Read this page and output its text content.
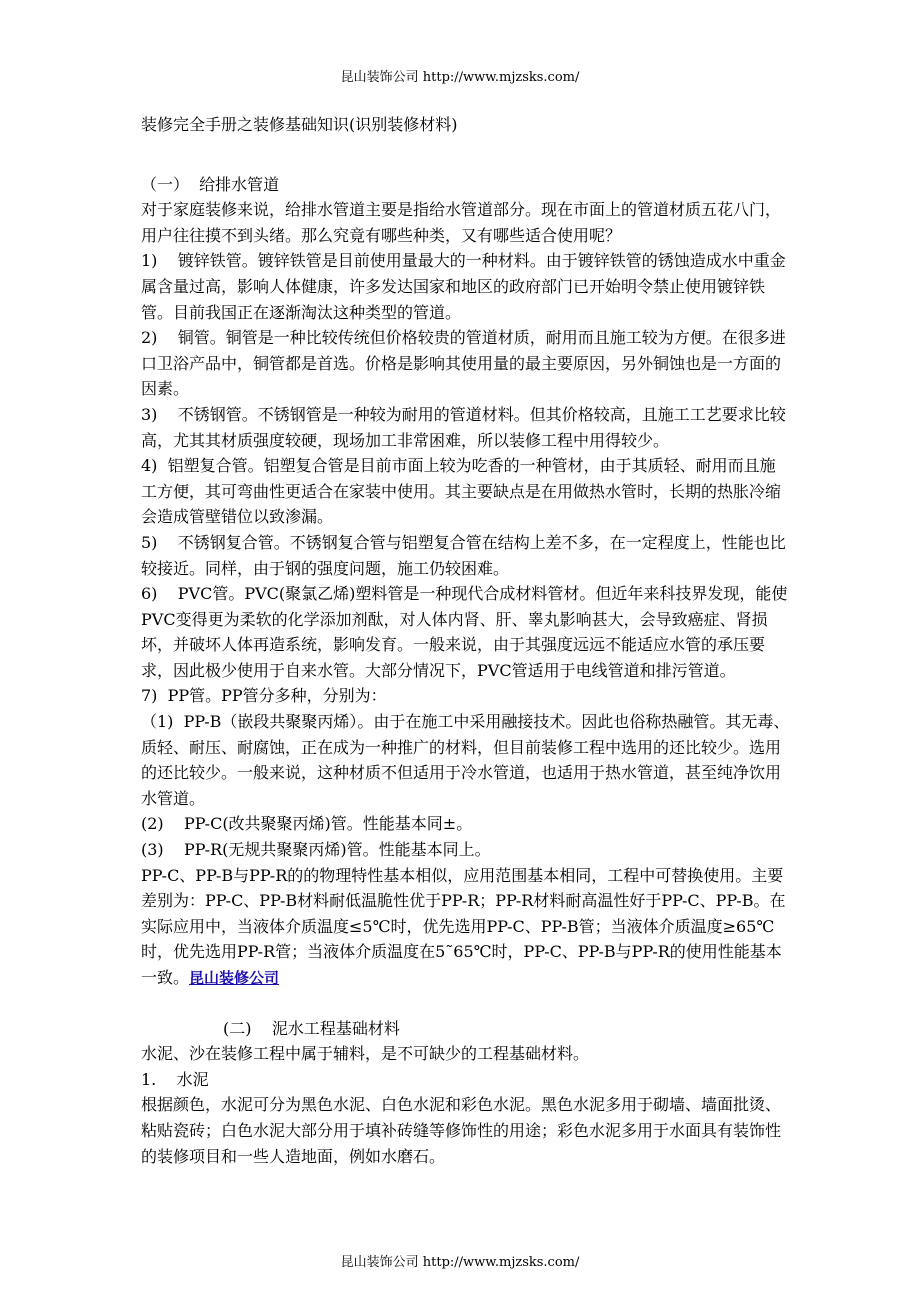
昆山装饰公司 http://www.mjzsks.com/

装修完全手册之装修基础知识(识别装修材料)

（一）  给排水管道

对于家庭装修来说，给排水管道主要是指给水管道部分。现在市面上的管道材质五花八门，用户往往摸不到头绪。那么究竟有哪些种类，又有哪些适合使用呢？

1)    镀锌铁管。镀锌铁管是目前使用量最大的一种材料。由于镀锌铁管的锈蚀造成水中重金属含量过高，影响人体健康，许多发达国家和地区的政府部门已开始明令禁止使用镀锌铁管。目前我国正在逐渐淘汰这种类型的管道。

2)    铜管。铜管是一种比较传统但价格较贵的管道材质，耐用而且施工较为方便。在很多进口卫浴产品中，铜管都是首选。价格是影响其使用量的最主要原因，另外铜蚀也是一方面的因素。

3)    不锈钢管。不锈钢管是一种较为耐用的管道材料。但其价格较高，且施工工艺要求比较高，尤其其材质强度较硬，现场加工非常困难，所以装修工程中用得较少。

4)  铝塑复合管。铝塑复合管是目前市面上较为吃香的一种管材，由于其质轻、耐用而且施工方便，其可弯曲性更适合在家装中使用。其主要缺点是在用做热水管时，长期的热胀冷缩会造成管壁错位以致渗漏。

5)    不锈钢复合管。不锈钢复合管与铝塑复合管在结构上差不多，在一定程度上，性能也比较接近。同样，由于钢的强度问题，施工仍较困难。

6)    PVC管。PVC(聚氯乙烯)塑料管是一种现代合成材料管材。但近年来科技界发现，能使PVC变得更为柔软的化学添加剂酞，对人体内肾、肝、睾丸影响甚大，会导致癌症、肾损坏，并破坏人体再造系统，影响发育。一般来说，由于其强度远远不能适应水管的承压要求，因此极少使用于自来水管。大部分情况下，PVC管适用于电线管道和排污管道。

7)  PP管。PP管分多种，分别为：

（1)  PP-B（嵌段共聚聚丙烯）。由于在施工中采用融接技术。因此也俗称热融管。其无毒、质轻、耐压、耐腐蚀，正在成为一种推广的材料，但目前装修工程中选用的还比较少。选用的还比较少。一般来说，这种材质不但适用于冷水管道，也适用于热水管道，甚至纯净饮用水管道。

(2)    PP-C(改共聚聚丙烯)管。性能基本同±。

(3)    PP-R(无规共聚聚丙烯)管。性能基本同上。

PP-C、PP-B与PP-R的的物理特性基本相似，应用范围基本相同，工程中可替换使用。主要差别为：PP-C、PP-B材料耐低温脆性优于PP-R；PP-R材料耐高温性好于PP-C、PP-B。在实际应用中，当液体介质温度≤5℃时，优先选用PP-C、PP-B管；当液体介质温度≥65℃时，优先选用PP-R管；当液体介质温度在5˜65℃时，PP-C、PP-B与PP-R的使用性能基本一致。昆山装修公司

(二)    泥水工程基础材料

水泥、沙在装修工程中属于辅料，是不可缺少的工程基础材料。

1.    水泥

根据颜色，水泥可分为黑色水泥、白色水泥和彩色水泥。黑色水泥多用于砌墙、墙面批烫、粘贴瓷砖；白色水泥大部分用于填补砖缝等修饰性的用途；彩色水泥多用于水面具有装饰性的装修项目和一些人造地面，例如水磨石。

昆山装饰公司 http://www.mjzsks.com/
